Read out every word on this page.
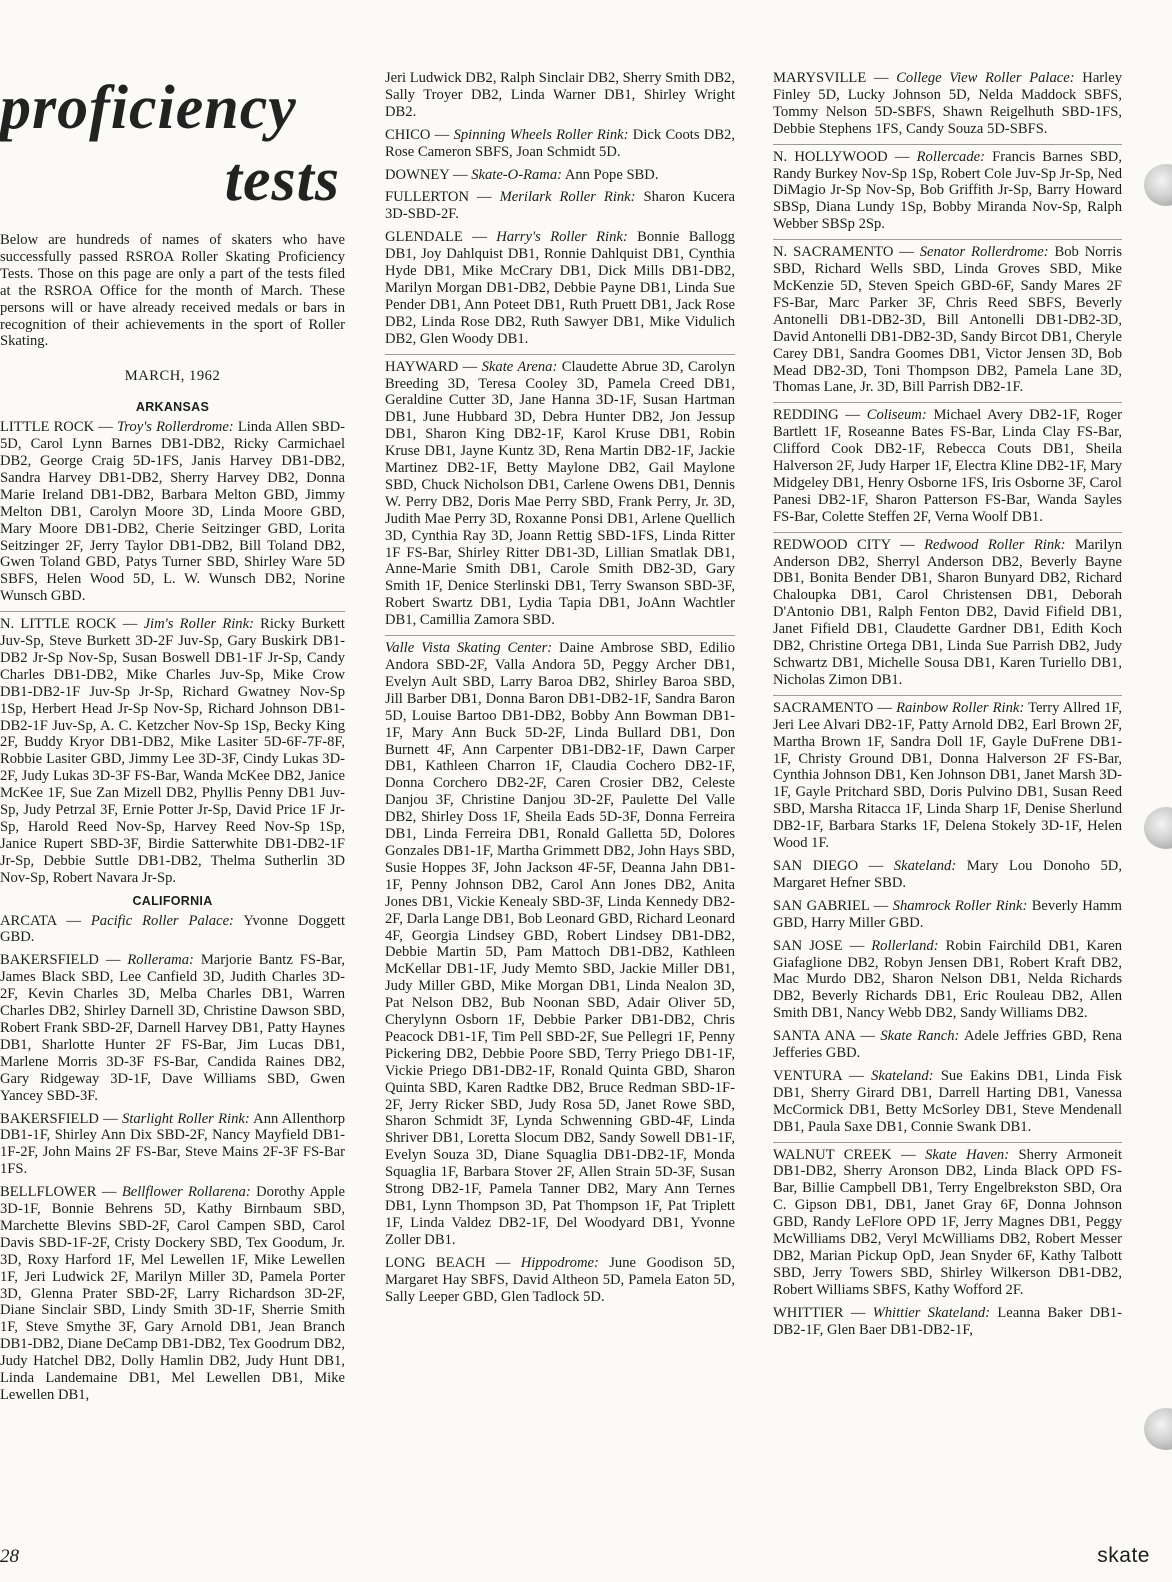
proficiency
tests

Below are hundreds of names of skaters who have successfully passed RSROA Roller Skating Proficiency Tests. Those on this page are only a part of the tests filed at the RSROA Office for the month of March. These persons will or have already received medals or bars in recognition of their achievements in the sport of Roller Skating.

MARCH, 1962
ARKANSAS

LITTLE ROCK — Troy's Rollerdrome: Linda Allen SBD-5D, Carol Lynn Barnes DB1-DB2, Ricky Carmichael DB2, George Craig 5D-1FS, Janis Harvey DB1-DB2, Sandra Harvey DB1-DB2, Sherry Harvey DB2, Donna Marie Ireland DB1-DB2, Barbara Melton GBD, Jimmy Melton DB1, Carolyn Moore 3D, Linda Moore GBD, Mary Moore DB1-DB2, Cherie Seitzinger GBD, Lorita Seitzinger 2F, Jerry Taylor DB1-DB2, Bill Toland DB2, Gwen Toland GBD, Patys Turner SBD, Shirley Ware 5D SBFS, Helen Wood 5D, L. W. Wunsch DB2, Norine Wunsch GBD.

N. LITTLE ROCK — Jim's Roller Rink: Ricky Burkett Juv-Sp, Steve Burkett 3D-2F Juv-Sp, Gary Buskirk DB1-DB2 Jr-Sp Nov-Sp, Susan Boswell DB1-1F Jr-Sp, Candy Charles DB1-DB2, Mike Charles Juv-Sp, Mike Crow DB1-DB2-1F Juv-Sp Jr-Sp, Richard Gwatney Nov-Sp 1Sp, Herbert Head Jr-Sp Nov-Sp, Richard Johnson DB1-DB2-1F Juv-Sp, A. C. Ketzcher Nov-Sp 1Sp, Becky King 2F, Buddy Kryor DB1-DB2, Mike Lasiter 5D-6F-7F-8F, Robbie Lasiter GBD, Jimmy Lee 3D-3F, Cindy Lukas 3D-2F, Judy Lukas 3D-3F FS-Bar, Wanda McKee DB2, Janice McKee 1F, Sue Zan Mizell DB2, Phyllis Penny DB1 Juv-Sp, Judy Petrzal 3F, Ernie Potter Jr-Sp, David Price 1F Jr-Sp, Harold Reed Nov-Sp, Harvey Reed Nov-Sp 1Sp, Janice Rupert SBD-3F, Birdie Satterwhite DB1-DB2-1F Jr-Sp, Debbie Suttle DB1-DB2, Thelma Sutherlin 3D Nov-Sp, Robert Navara Jr-Sp.

CALIFORNIA

ARCATA — Pacific Roller Palace: Yvonne Doggett GBD.

BAKERSFIELD — Rollerama: Marjorie Bantz FS-Bar, James Black SBD, Lee Canfield 3D, Judith Charles 3D-2F, Kevin Charles 3D, Melba Charles DB1, Warren Charles DB2, Shirley Darnell 3D, Christine Dawson SBD, Robert Frank SBD-2F, Darnell Harvey DB1, Patty Haynes DB1, Sharlotte Hunter 2F FS-Bar, Jim Lucas DB1, Marlene Morris 3D-3F FS-Bar, Candida Raines DB2, Gary Ridgeway 3D-1F, Dave Williams SBD, Gwen Yancey SBD-3F.

BAKERSFIELD — Starlight Roller Rink: Ann Allenthorp DB1-1F, Shirley Ann Dix SBD-2F, Nancy Mayfield DB1-1F-2F, John Mains 2F FS-Bar, Steve Mains 2F-3F FS-Bar 1FS.

BELLFLOWER — Bellflower Rollarena: Dorothy Apple 3D-1F, Bonnie Behrens 5D, Kathy Birnbaum SBD, Marchette Blevins SBD-2F, Carol Campen SBD, Carol Davis SBD-1F-2F, Cristy Dockery SBD, Tex Goodum, Jr. 3D, Roxy Harford 1F, Mel Lewellen 1F, Mike Lewellen 1F, Jeri Ludwick 2F, Marilyn Miller 3D, Pamela Porter 3D, Glenna Prater SBD-2F, Larry Richardson 3D-2F, Diane Sinclair SBD, Lindy Smith 3D-1F, Sherrie Smith 1F, Steve Smythe 3F, Gary Arnold DB1, Jean Branch DB1-DB2, Diane DeCamp DB1-DB2, Tex Goodrum DB2, Judy Hatchel DB2, Dolly Hamlin DB2, Judy Hunt DB1, Linda Landemaine DB1, Mel Lewellen DB1, Mike Lewellen DB1,

Jeri Ludwick DB2, Ralph Sinclair DB2, Sherry Smith DB2, Sally Troyer DB2, Linda Warner DB1, Shirley Wright DB2.

CHICO — Spinning Wheels Roller Rink: Dick Coots DB2, Rose Cameron SBFS, Joan Schmidt 5D.

DOWNEY — Skate-O-Rama: Ann Pope SBD.

FULLERTON — Merilark Roller Rink: Sharon Kucera 3D-SBD-2F.

GLENDALE — Harry's Roller Rink: Bonnie Ballogg DB1, Joy Dahlquist DB1, Ronnie Dahlquist DB1, Cynthia Hyde DB1, Mike McCrary DB1, Dick Mills DB1-DB2, Marilyn Morgan DB1-DB2, Debbie Payne DB1, Linda Sue Pender DB1, Ann Poteet DB1, Ruth Pruett DB1, Jack Rose DB2, Linda Rose DB2, Ruth Sawyer DB1, Mike Vidulich DB2, Glen Woody DB1.

HAYWARD — Skate Arena: Claudette Abrue 3D, Carolyn Breeding 3D, Teresa Cooley 3D, Pamela Creed DB1, Geraldine Cutter 3D, Jane Hanna 3D-1F, Susan Hartman DB1, June Hubbard 3D, Debra Hunter DB2, Jon Jessup DB1, Sharon King DB2-1F, Karol Kruse DB1, Robin Kruse DB1, Jayne Kuntz 3D, Rena Martin DB2-1F, Jackie Martinez DB2-1F, Betty Maylone DB2, Gail Maylone SBD, Chuck Nicholson DB1, Carlene Owens DB1, Dennis W. Perry DB2, Doris Mae Perry SBD, Frank Perry, Jr. 3D, Judith Mae Perry 3D, Roxanne Ponsi DB1, Arlene Quellich 3D, Cynthia Ray 3D, Joann Rettig SBD-1FS, Linda Ritter 1F FS-Bar, Shirley Ritter DB1-3D, Lillian Smatlak DB1, Anne-Marie Smith DB1, Carole Smith DB2-3D, Gary Smith 1F, Denice Sterlinski DB1, Terry Swanson SBD-3F, Robert Swartz DB1, Lydia Tapia DB1, JoAnn Wachtler DB1, Camillia Zamora SBD.

Valle Vista Skating Center: Daine Ambrose SBD, Edilio Andora SBD-2F, Valla Andora 5D, Peggy Archer DB1, Evelyn Ault SBD, Larry Baroa DB2, Shirley Baroa SBD, Jill Barber DB1, Donna Baron DB1-DB2-1F, Sandra Baron 5D, Louise Bartoo DB1-DB2, Bobby Ann Bowman DB1-1F, Mary Ann Buck 5D-2F, Linda Bullard DB1, Don Burnett 4F, Ann Carpenter DB1-DB2-1F, Dawn Carper DB1, Kathleen Charron 1F, Claudia Cochero DB2-1F, Donna Corchero DB2-2F, Caren Crosier DB2, Celeste Danjou 3F, Christine Danjou 3D-2F, Paulette Del Valle DB2, Shirley Doss 1F, Sheila Eads 5D-3F, Donna Ferreira DB1, Linda Ferreira DB1, Ronald Galletta 5D, Dolores Gonzales DB1-1F, Martha Grimmett DB2, John Hays SBD, Susie Hoppes 3F, John Jackson 4F-5F, Deanna Jahn DB1-1F, Penny Johnson DB2, Carol Ann Jones DB2, Anita Jones DB1, Vickie Kenealy SBD-3F, Linda Kennedy DB2-2F, Darla Lange DB1, Bob Leonard GBD, Richard Leonard 4F, Georgia Lindsey GBD, Robert Lindsey DB1-DB2, Debbie Martin 5D, Pam Mattoch DB1-DB2, Kathleen McKellar DB1-1F, Judy Memto SBD, Jackie Miller DB1, Judy Miller GBD, Mike Morgan DB1, Linda Nealon 3D, Pat Nelson DB2, Bub Noonan SBD, Adair Oliver 5D, Cherylynn Osborn 1F, Debbie Parker DB1-DB2, Chris Peacock DB1-1F, Tim Pell SBD-2F, Sue Pellegri 1F, Penny Pickering DB2, Debbie Poore SBD, Terry Priego DB1-1F, Vickie Priego DB1-DB2-1F, Ronald Quinta GBD, Sharon Quinta SBD, Karen Radtke DB2, Bruce Redman SBD-1F-2F, Jerry Ricker SBD, Judy Rosa 5D, Janet Rowe SBD, Sharon Schmidt 3F, Lynda Schwenning GBD-4F, Linda Shriver DB1, Loretta Slocum DB2, Sandy Sowell DB1-1F, Evelyn Souza 3D, Diane Squaglia DB1-DB2-1F, Monda Squaglia 1F, Barbara Stover 2F, Allen Strain 5D-3F, Susan Strong DB2-1F, Pamela Tanner DB2, Mary Ann Ternes DB1, Lynn Thompson 3D, Pat Thompson 1F, Pat Triplett 1F, Linda Valdez DB2-1F, Del Woodyard DB1, Yvonne Zoller DB1.

LONG BEACH — Hippodrome: June Goodison 5D, Margaret Hay SBFS, David Altheon 5D, Pamela Eaton 5D, Sally Leeper GBD, Glen Tadlock 5D.

MARYSVILLE — College View Roller Palace: Harley Finley 5D, Lucky Johnson 5D, Nelda Maddock SBFS, Tommy Nelson 5D-SBFS, Shawn Reigelhuth SBD-1FS, Debbie Stephens 1FS, Candy Souza 5D-SBFS.

N. HOLLYWOOD — Rollercade: Francis Barnes SBD, Randy Burkey Nov-Sp 1Sp, Robert Cole Juv-Sp Jr-Sp, Ned DiMagio Jr-Sp Nov-Sp, Bob Griffith Jr-Sp, Barry Howard SBSp, Diana Lundy 1Sp, Bobby Miranda Nov-Sp, Ralph Webber SBSp 2Sp.

N. SACRAMENTO — Senator Rollerdrome: Bob Norris SBD, Richard Wells SBD, Linda Groves SBD, Mike McKenzie 5D, Steven Speich GBD-6F, Sandy Mares 2F FS-Bar, Marc Parker 3F, Chris Reed SBFS, Beverly Antonelli DB1-DB2-3D, Bill Antonelli DB1-DB2-3D, David Antonelli DB1-DB2-3D, Sandy Bircot DB1, Cheryle Carey DB1, Sandra Goomes DB1, Victor Jensen 3D, Bob Mead DB2-3D, Toni Thompson DB2, Pamela Lane 3D, Thomas Lane, Jr. 3D, Bill Parrish DB2-1F.

REDDING — Coliseum: Michael Avery DB2-1F, Roger Bartlett 1F, Roseanne Bates FS-Bar, Linda Clay FS-Bar, Clifford Cook DB2-1F, Rebecca Couts DB1, Sheila Halverson 2F, Judy Harper 1F, Electra Kline DB2-1F, Mary Midgeley DB1, Henry Osborne 1FS, Iris Osborne 3F, Carol Panesi DB2-1F, Sharon Patterson FS-Bar, Wanda Sayles FS-Bar, Colette Steffen 2F, Verna Woolf DB1.

REDWOOD CITY — Redwood Roller Rink: Marilyn Anderson DB2, Sherryl Anderson DB2, Beverly Bayne DB1, Bonita Bender DB1, Sharon Bunyard DB2, Richard Chaloupka DB1, Carol Christensen DB1, Deborah D'Antonio DB1, Ralph Fenton DB2, David Fifield DB1, Janet Fifield DB1, Claudette Gardner DB1, Edith Koch DB2, Christine Ortega DB1, Linda Sue Parrish DB2, Judy Schwartz DB1, Michelle Sousa DB1, Karen Turiello DB1, Nicholas Zimon DB1.

SACRAMENTO — Rainbow Roller Rink: Terry Allred 1F, Jeri Lee Alvari DB2-1F, Patty Arnold DB2, Earl Brown 2F, Martha Brown 1F, Sandra Doll 1F, Gayle DuFrene DB1-1F, Christy Ground DB1, Donna Halverson 2F FS-Bar, Cynthia Johnson DB1, Ken Johnson DB1, Janet Marsh 3D-1F, Gayle Pritchard SBD, Doris Pulvino DB1, Susan Reed SBD, Marsha Ritacca 1F, Linda Sharp 1F, Denise Sherlund DB2-1F, Barbara Starks 1F, Delena Stokely 3D-1F, Helen Wood 1F.

SAN DIEGO — Skateland: Mary Lou Donoho 5D, Margaret Hefner SBD.

SAN GABRIEL — Shamrock Roller Rink: Beverly Hamm GBD, Harry Miller GBD.

SAN JOSE — Rollerland: Robin Fairchild DB1, Karen Giafaglione DB2, Robyn Jensen DB1, Robert Kraft DB2, Mac Murdo DB2, Sharon Nelson DB1, Nelda Richards DB2, Beverly Richards DB1, Eric Rouleau DB2, Allen Smith DB1, Nancy Webb DB2, Sandy Williams DB2.

SANTA ANA — Skate Ranch: Adele Jeffries GBD, Rena Jefferies GBD.

VENTURA — Skateland: Sue Eakins DB1, Linda Fisk DB1, Sherry Girard DB1, Darrell Harting DB1, Vanessa McCormick DB1, Betty McSorley DB1, Steve Mendenall DB1, Paula Saxe DB1, Connie Swank DB1.

WALNUT CREEK — Skate Haven: Sherry Armoneit DB1-DB2, Sherry Aronson DB2, Linda Black OPD FS-Bar, Billie Campbell DB1, Terry Engelbrekston SBD, Ora C. Gipson DB1, DB1, Janet Gray 6F, Donna Johnson GBD, Randy LeFlore OPD 1F, Jerry Magnes DB1, Peggy McWilliams DB2, Veryl McWilliams DB2, Robert Messer DB2, Marian Pickup OpD, Jean Snyder 6F, Kathy Talbott SBD, Jerry Towers SBD, Shirley Wilkerson DB1-DB2, Robert Williams SBFS, Kathy Wofford 2F.

WHITTIER — Whittier Skateland: Leanna Baker DB1-DB2-1F, Glen Baer DB1-DB2-1F,

28	skate
